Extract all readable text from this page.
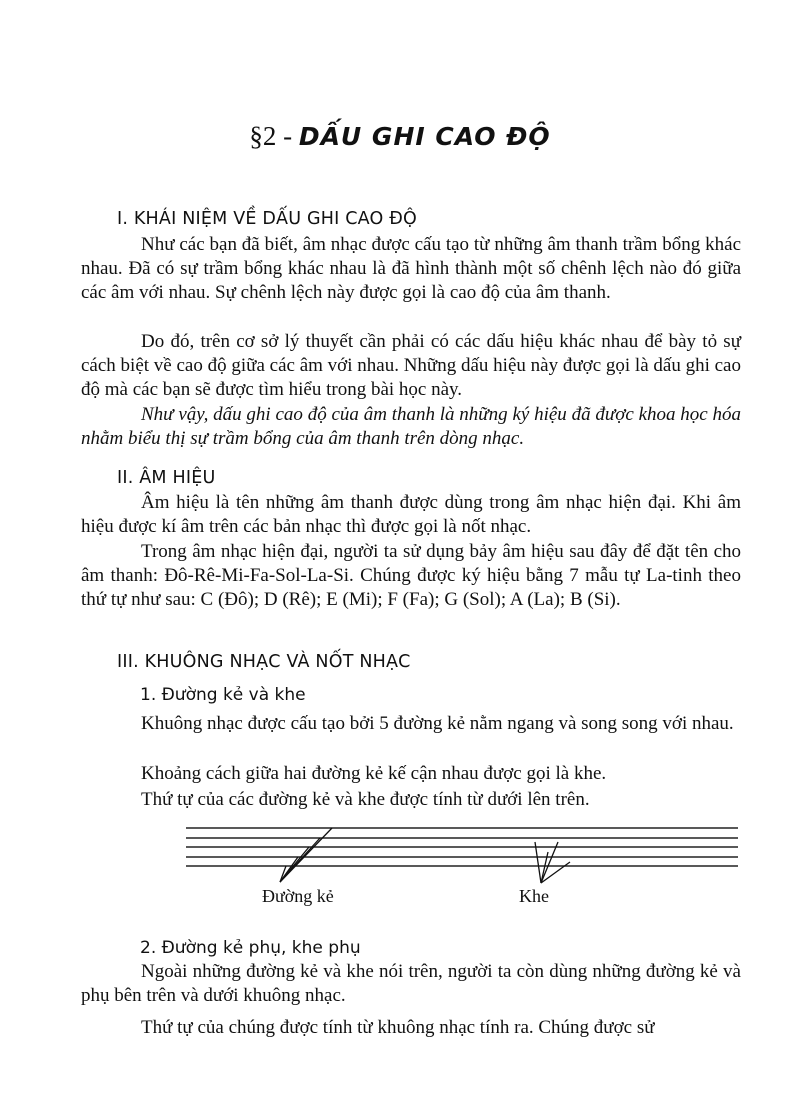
§2 - DẤU GHI CAO ĐỘ
I. KHÁI NIỆM VỀ DẤU GHI CAO ĐỘ

Như các bạn đã biết, âm nhạc được cấu tạo từ những âm thanh trầm bổng khác nhau. Đã có sự trầm bổng khác nhau là đã hình thành một số chênh lệch nào đó giữa các âm với nhau. Sự chênh lệch này được gọi là cao độ của âm thanh.

Do đó, trên cơ sở lý thuyết cần phải có các dấu hiệu khác nhau để bày tỏ sự cách biệt về cao độ giữa các âm với nhau. Những dấu hiệu này được gọi là dấu ghi cao độ mà các bạn sẽ được tìm hiểu trong bài học này.

Như vậy, dấu ghi cao độ của âm thanh là những ký hiệu đã được khoa học hóa nhằm biểu thị sự trầm bổng của âm thanh trên dòng nhạc.

II. ÂM HIỆU

Âm hiệu là tên những âm thanh được dùng trong âm nhạc hiện đại. Khi âm hiệu được kí âm trên các bản nhạc thì được gọi là nốt nhạc.

Trong âm nhạc hiện đại, người ta sử dụng bảy âm hiệu sau đây để đặt tên cho âm thanh: Đô-Rê-Mi-Fa-Sol-La-Si. Chúng được ký hiệu bằng 7 mẫu tự La-tinh theo thứ tự như sau: C (Đô); D (Rê); E (Mi); F (Fa); G (Sol); A (La); B (Si).

III. KHUÔNG NHẠC VÀ NỐT NHẠC
1. Đường kẻ và khe

Khuông nhạc được cấu tạo bởi 5 đường kẻ nằm ngang và song song với nhau.

Khoảng cách giữa hai đường kẻ kế cận nhau được gọi là khe.

Thứ tự của các đường kẻ và khe được tính từ dưới lên trên.

Đường kẻ	Khe
2. Đường kẻ phụ, khe phụ

Ngoài những đường kẻ và khe nói trên, người ta còn dùng những đường kẻ và phụ bên trên và dưới khuông nhạc.

Thứ tự của chúng được tính từ khuông nhạc tính ra. Chúng được sử
